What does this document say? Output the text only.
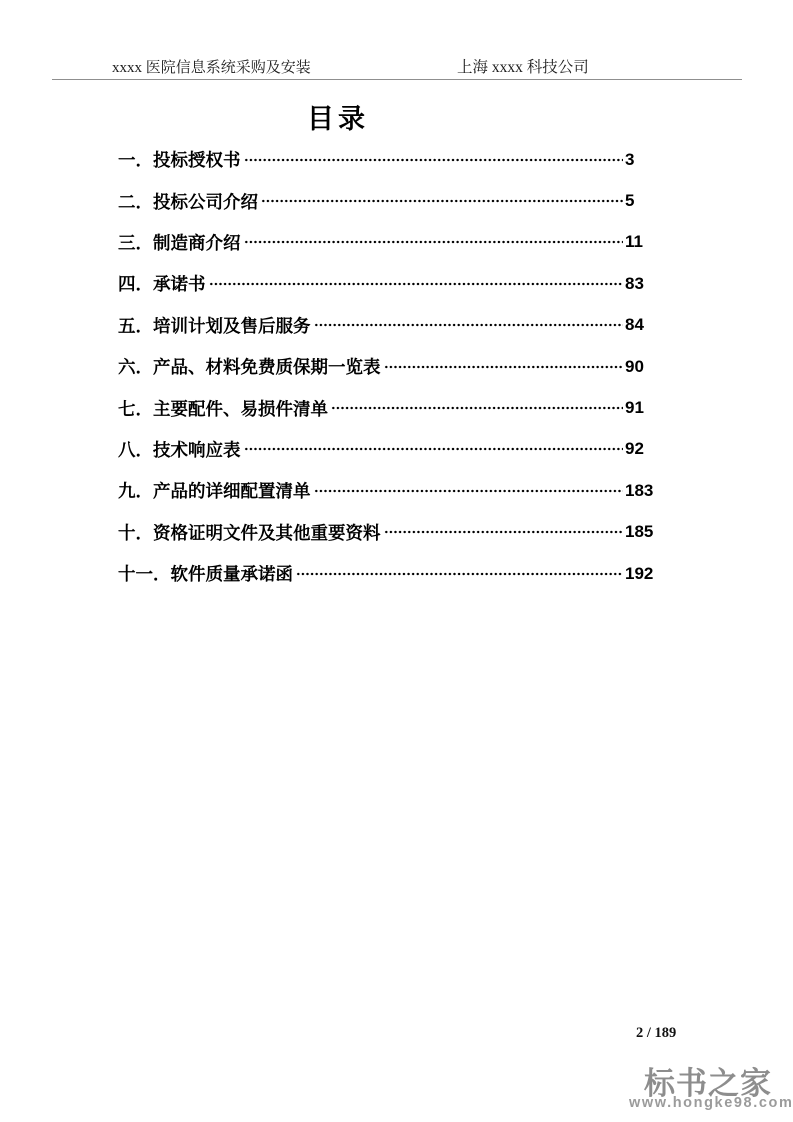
xxxx 医院信息系统采购及安装	上海 xxxx 科技公司
目录
一． 投标授权书	3
二． 投标公司介绍	5
三． 制造商介绍	11
四． 承诺书	83
五． 培训计划及售后服务	84
六． 产品、材料免费质保期一览表	90
七． 主要配件、易损件清单	91
八． 技术响应表	92
九． 产品的详细配置清单	183
十． 资格证明文件及其他重要资料	185
十一． 软件质量承诺函	192
2 / 189
标书之家
www.hongke98.com
